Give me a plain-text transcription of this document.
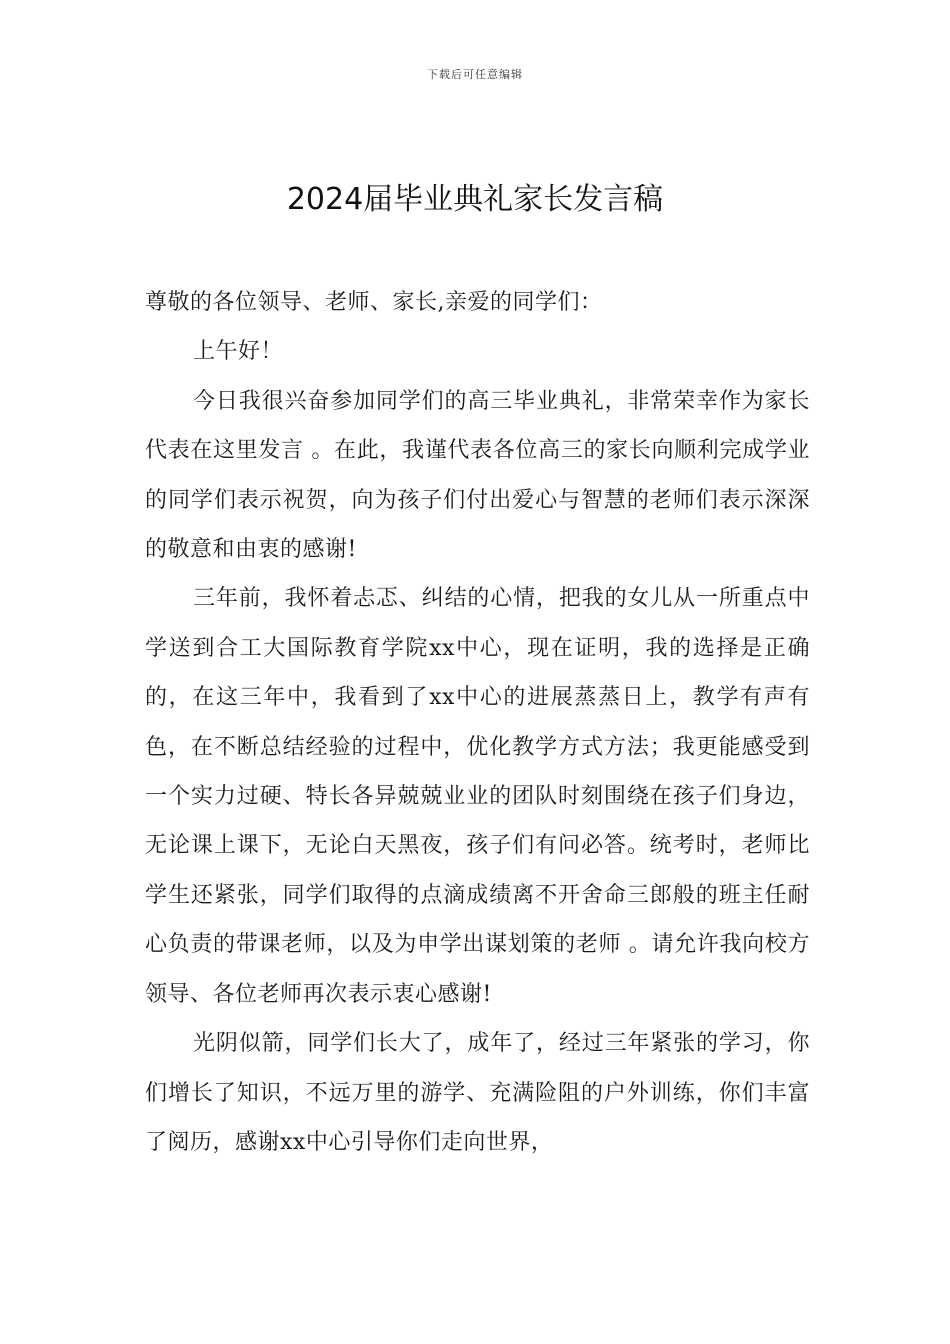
下载后可任意编辑
2024届毕业典礼家长发言稿

尊敬的各位领导、老师、家长,亲爱的同学们：

上午好！

今日我很兴奋参加同学们的高三毕业典礼，非常荣幸作为家长代表在这里发言 。在此，我谨代表各位高三的家长向顺利完成学业的同学们表示祝贺，向为孩子们付出爱心与智慧的老师们表示深深的敬意和由衷的感谢!

三年前，我怀着忐忑、纠结的心情，把我的女儿从一所重点中学送到合工大国际教育学院xx中心，现在证明，我的选择是正确的，在这三年中，我看到了xx中心的进展蒸蒸日上，教学有声有色，在不断总结经验的过程中，优化教学方式方法；我更能感受到一个实力过硬、特长各异兢兢业业的团队时刻围绕在孩子们身边，无论课上课下，无论白天黑夜，孩子们有问必答。统考时，老师比学生还紧张，同学们取得的点滴成绩离不开舍命三郎般的班主任耐心负责的带课老师，以及为申学出谋划策的老师 。请允许我向校方领导、各位老师再次表示衷心感谢!

光阴似箭，同学们长大了，成年了，经过三年紧张的学习，你们增长了知识，不远万里的游学、充满险阻的户外训练，你们丰富了阅历，感谢xx中心引导你们走向世界，
